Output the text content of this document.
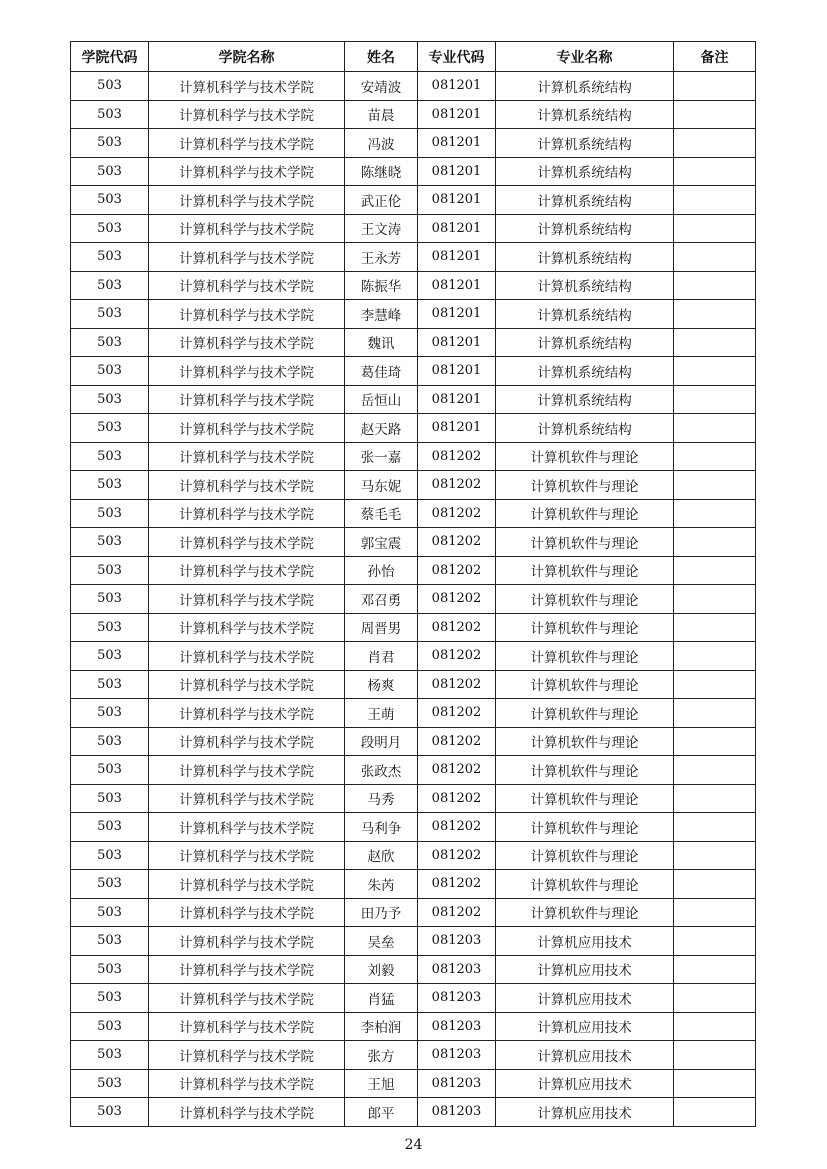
学院代码	学院名称	姓名	专业代码	专业名称	备注
503	计算机科学与技术学院	安靖波	081201	计算机系统结构	
503	计算机科学与技术学院	苗晨	081201	计算机系统结构	
503	计算机科学与技术学院	冯波	081201	计算机系统结构	
503	计算机科学与技术学院	陈继晓	081201	计算机系统结构	
503	计算机科学与技术学院	武正伦	081201	计算机系统结构	
503	计算机科学与技术学院	王文涛	081201	计算机系统结构	
503	计算机科学与技术学院	王永芳	081201	计算机系统结构	
503	计算机科学与技术学院	陈振华	081201	计算机系统结构	
503	计算机科学与技术学院	李慧峰	081201	计算机系统结构	
503	计算机科学与技术学院	魏讯	081201	计算机系统结构	
503	计算机科学与技术学院	葛佳琦	081201	计算机系统结构	
503	计算机科学与技术学院	岳恒山	081201	计算机系统结构	
503	计算机科学与技术学院	赵天路	081201	计算机系统结构	
503	计算机科学与技术学院	张一嘉	081202	计算机软件与理论	
503	计算机科学与技术学院	马东妮	081202	计算机软件与理论	
503	计算机科学与技术学院	蔡毛毛	081202	计算机软件与理论	
503	计算机科学与技术学院	郭宝震	081202	计算机软件与理论	
503	计算机科学与技术学院	孙怡	081202	计算机软件与理论	
503	计算机科学与技术学院	邓召勇	081202	计算机软件与理论	
503	计算机科学与技术学院	周晋男	081202	计算机软件与理论	
503	计算机科学与技术学院	肖君	081202	计算机软件与理论	
503	计算机科学与技术学院	杨爽	081202	计算机软件与理论	
503	计算机科学与技术学院	王萌	081202	计算机软件与理论	
503	计算机科学与技术学院	段明月	081202	计算机软件与理论	
503	计算机科学与技术学院	张政杰	081202	计算机软件与理论	
503	计算机科学与技术学院	马秀	081202	计算机软件与理论	
503	计算机科学与技术学院	马利争	081202	计算机软件与理论	
503	计算机科学与技术学院	赵欣	081202	计算机软件与理论	
503	计算机科学与技术学院	朱芮	081202	计算机软件与理论	
503	计算机科学与技术学院	田乃予	081202	计算机软件与理论	
503	计算机科学与技术学院	吴垒	081203	计算机应用技术	
503	计算机科学与技术学院	刘毅	081203	计算机应用技术	
503	计算机科学与技术学院	肖猛	081203	计算机应用技术	
503	计算机科学与技术学院	李柏润	081203	计算机应用技术	
503	计算机科学与技术学院	张方	081203	计算机应用技术	
503	计算机科学与技术学院	王旭	081203	计算机应用技术	
503	计算机科学与技术学院	郎平	081203	计算机应用技术	
24
